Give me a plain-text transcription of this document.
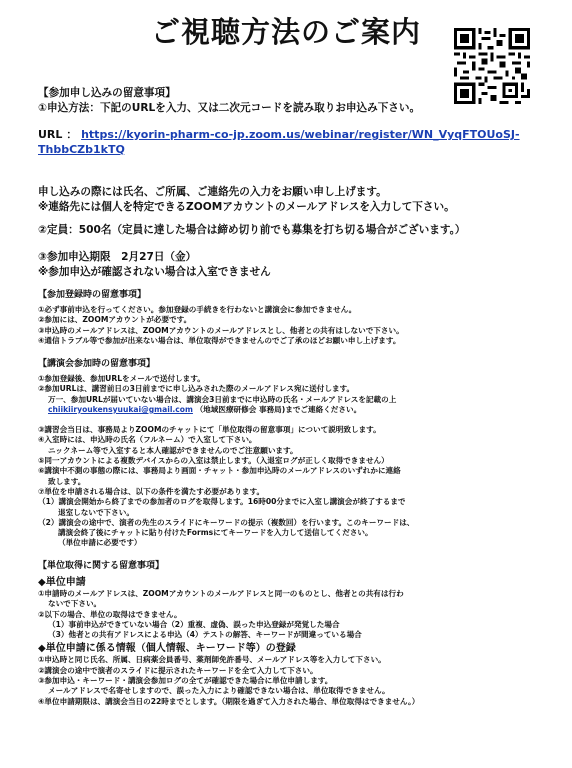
ご視聴方法のご案内

【参加申し込みの留意事項】

①申込方法：下記のURLを入力、又は二次元コードを読み取りお申込み下さい。

URL ： https://kyorin-pharm-co-jp.zoom.us/webinar/register/WN_VyqFTOUoSJ-

ThbbCZb1kTQ

申し込みの際には氏名、ご所属、ご連絡先の入力をお願い申し上げます。

※連絡先には個人を特定できるZOOMアカウントのメールアドレスを入力して下さい。

②定員：500名（定員に達した場合は締め切り前でも募集を打ち切る場合がございます。）

③参加申込期限　2月27日（金）

※参加申込が確認されない場合は入室できません

【参加登録時の留意事項】

①必ず事前申込を行ってください。参加登録の手続きを行わないと講演会に参加できません。

②参加には、ZOOMアカウントが必要です。

③申込時のメールアドレスは、ZOOMアカウントのメールアドレスとし、他者との共有はしないで下さい。

④通信トラブル等で参加が出来ない場合は、単位取得ができませんのでご了承のほどお願い申し上げます。

【講演会参加時の留意事項】

①参加登録後、参加URLをメールで送付します。

②参加URLは、講習前日の3日前までに申し込みされた際のメールアドレス宛に送付します。

万一、参加URLが届いていない場合は、講演会3日前までに申込時の氏名・メールアドレスを記載の上

chiikiiryoukensyuukai@gmail.com （地域医療研修会 事務局)までご連絡ください。

③講習会当日は、事務局よりZOOMのチャットにて「単位取得の留意事項」について説明致します。

④入室時には、申込時の氏名（フルネーム）で入室して下さい。

ニックネーム等で入室すると本人確認ができませんのでご注意願います。

⑤同一アカウントによる複数デバイスからの入室は禁止します。（入退室ログが正しく取得できません）

⑥講演中不測の事態の際には、事務局より画面・チャット・参加申込時のメールアドレスのいずれかに連絡

致します。

⑦単位を申請される場合は、以下の条件を満たす必要があります。

（1）講演会開始から終了までの参加者のログを取得します。16時00分までに入室し講演会が終了するまで

退室しないで下さい。

（2）講演会の途中で、演者の先生のスライドにキーワードの提示（複数回）を行います。このキーワードは、

講演会終了後にチャットに貼り付けたFormsにてキーワードを入力して送信してください。

（単位申請に必要です）

【単位取得に関する留意事項】

◆単位申請

①申請時のメールアドレスは、ZOOMアカウントのメールアドレスと同一のものとし、他者との共有は行わ

ないで下さい。

②以下の場合、単位の取得はできません。

（1）事前申込ができていない場合（2）重複、虚偽、誤った申込登録が発覚した場合

（3）他者との共有アドレスによる申込（4）テストの解答、キーワードが間違っている場合

◆単位申請に係る情報（個人情報、キーワード等）の登録

①申込時と同じ氏名、所属、日病薬会員番号、薬剤師免許番号、メールアドレス等を入力して下さい。

②講演会の途中で演者のスライドに提示されたキーワードを全て入力して下さい。

③参加申込・キーワード・講演会参加ログの全てが確認できた場合に単位申請します。

メールアドレスで名寄せしますので、誤った入力により確認できない場合は、単位取得できません。

④単位申請期限は、講演会当日の22時までとします。（期限を過ぎて入力された場合、単位取得はできません。）
